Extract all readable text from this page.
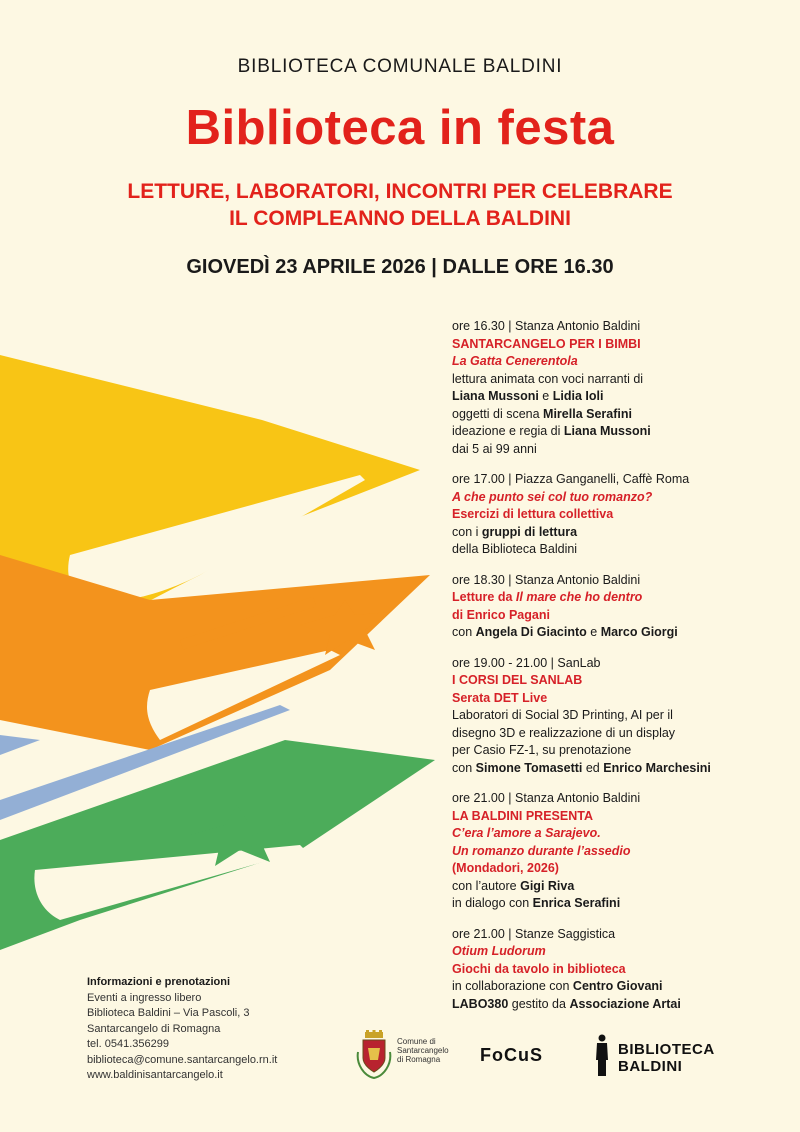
BIBLIOTECA COMUNALE BALDINI
Biblioteca in festa
LETTURE, LABORATORI, INCONTRI PER CELEBRARE
IL COMPLEANNO DELLA BALDINI
GIOVEDÌ 23 APRILE 2026 | DALLE ORE 16.30
ore 16.30 | Stanza Antonio Baldini
SANTARCANGELO PER I BIMBI
La Gatta Cenerentola
lettura animata con voci narranti di
Liana Mussoni e Lidia Ioli
oggetti di scena Mirella Serafini
ideazione e regia di Liana Mussoni
dai 5 ai 99 anni
ore 17.00 | Piazza Ganganelli, Caffè Roma
A che punto sei col tuo romanzo?
Esercizi di lettura collettiva
con i gruppi di lettura
della Biblioteca Baldini
ore 18.30 | Stanza Antonio Baldini
Letture da Il mare che ho dentro
di Enrico Pagani
con Angela Di Giacinto e Marco Giorgi
ore 19.00 - 21.00 | SanLab
I CORSI DEL SANLAB
Serata DET Live
Laboratori di Social 3D Printing, AI per il
disegno 3D e realizzazione di un display
per Casio FZ-1, su prenotazione
con Simone Tomasetti ed Enrico Marchesini
ore 21.00 | Stanza Antonio Baldini
LA BALDINI PRESENTA
C’era l’amore a Sarajevo.
Un romanzo durante l’assedio
(Mondadori, 2026)
con l’autore Gigi Riva
in dialogo con Enrica Serafini
ore 21.00 | Stanze Saggistica
Otium Ludorum
Giochi da tavolo in biblioteca
in collaborazione con Centro Giovani
LABO380 gestito da Associazione Artai
Informazioni e prenotazioni
Eventi a ingresso libero
Biblioteca Baldini – Via Pascoli, 3
Santarcangelo di Romagna
tel. 0541.356299
biblioteca@comune.santarcangelo.rn.it
www.baldinisantarcangelo.it
Comune di
Santarcangelo
di Romagna	FoCuS	BIBLIOTECA
BALDINI
